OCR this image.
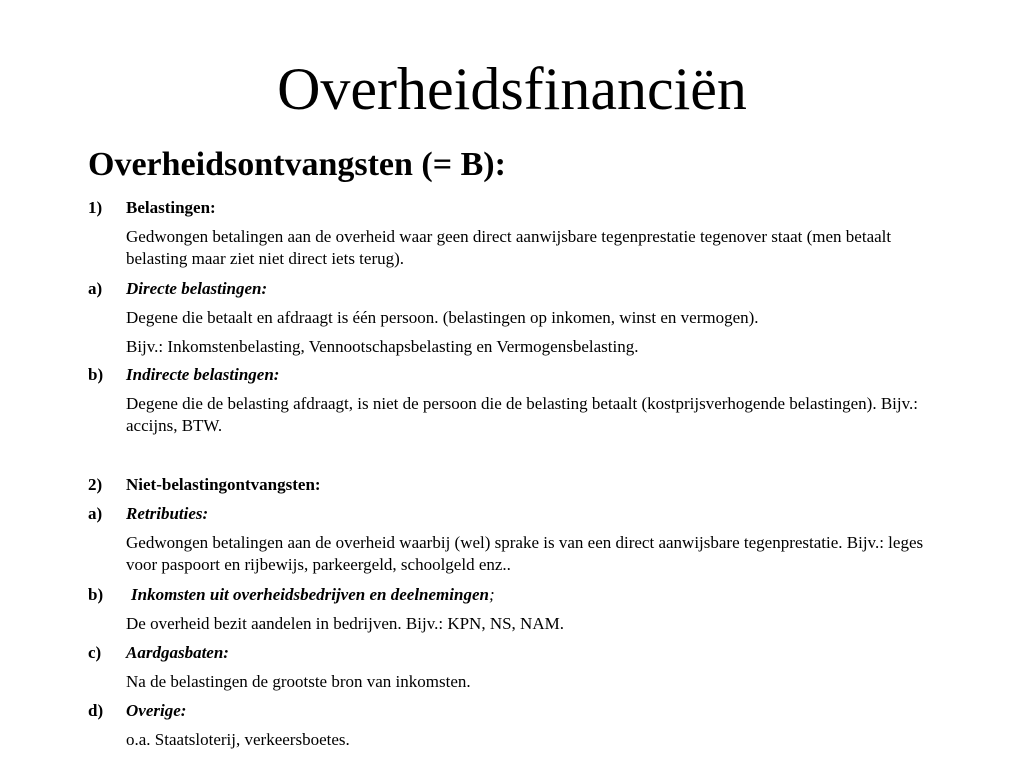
Overheidsfinanciën
Overheidsontvangsten (= B):
1) Belastingen:
Gedwongen betalingen aan de overheid waar geen direct aanwijsbare tegenprestatie tegenover staat (men betaalt belasting maar ziet niet direct iets terug).
a) Directe belastingen:
Degene die betaalt en afdraagt is één persoon. (belastingen op inkomen, winst en vermogen).
Bijv.: Inkomstenbelasting, Vennootschapsbelasting en Vermogensbelasting.
b) Indirecte belastingen:
Degene die de belasting afdraagt, is niet de persoon die de belasting betaalt (kostprijsverhogende belastingen). Bijv.: accijns, BTW.
2) Niet-belastingontvangsten:
a) Retributies:
Gedwongen betalingen aan de overheid waarbij (wel) sprake is van een direct aanwijsbare tegenprestatie. Bijv.: leges voor paspoort en rijbewijs, parkeergeld, schoolgeld enz..
b) Inkomsten uit overheidsbedrijven en deelnemingen;
De overheid bezit aandelen in bedrijven. Bijv.: KPN, NS, NAM.
c) Aardgasbaten:
Na de belastingen de grootste bron van inkomsten.
d) Overige:
o.a. Staatsloterij, verkeersboetes.
